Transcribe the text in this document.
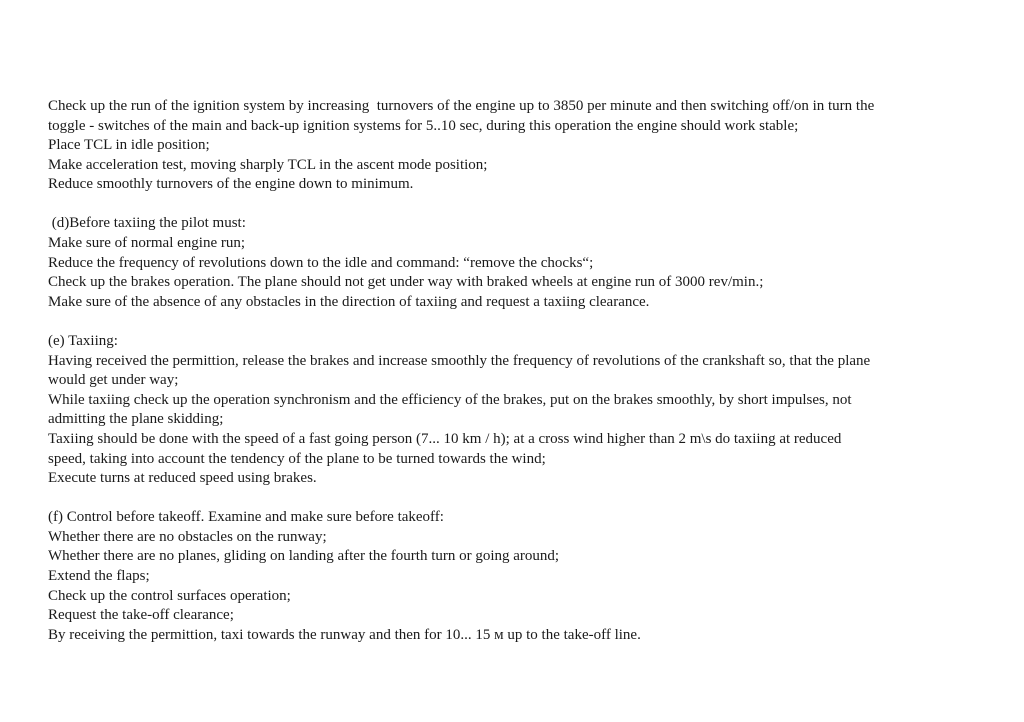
Check up the run of the ignition system by increasing  turnovers of the engine up to 3850 per minute and then switching off/on in turn the
toggle - switches of the main and back-up ignition systems for 5..10 sec, during this operation the engine should work stable;
Place TCL in idle position;
Make acceleration test, moving sharply TCL in the ascent mode position;
Reduce smoothly turnovers of the engine down to minimum.
(d)Before taxiing the pilot must:
Make sure of normal engine run;
Reduce the frequency of revolutions down to the idle and command: “remove the chocks“;
Check up the brakes operation. The plane should not get under way with braked wheels at engine run of 3000 rev/min.;
Make sure of the absence of any obstacles in the direction of taxiing and request a taxiing clearance.
(e) Taxiing:
Having received the permittion, release the brakes and increase smoothly the frequency of revolutions of the crankshaft so, that the plane
would get under way;
While taxiing check up the operation synchronism and the efficiency of the brakes, put on the brakes smoothly, by short impulses, not
admitting the plane skidding;
Taxiing should be done with the speed of a fast going person (7... 10 km / h); at a cross wind higher than 2 m\s do taxiing at reduced
speed, taking into account the tendency of the plane to be turned towards the wind;
Execute turns at reduced speed using brakes.
(f) Control before takeoff. Examine and make sure before takeoff:
Whether there are no obstacles on the runway;
Whether there are no planes, gliding on landing after the fourth turn or going around;
Extend the flaps;
Check up the control surfaces operation;
Request the take-off clearance;
By receiving the permittion, taxi towards the runway and then for 10... 15 м up to the take-off line.
